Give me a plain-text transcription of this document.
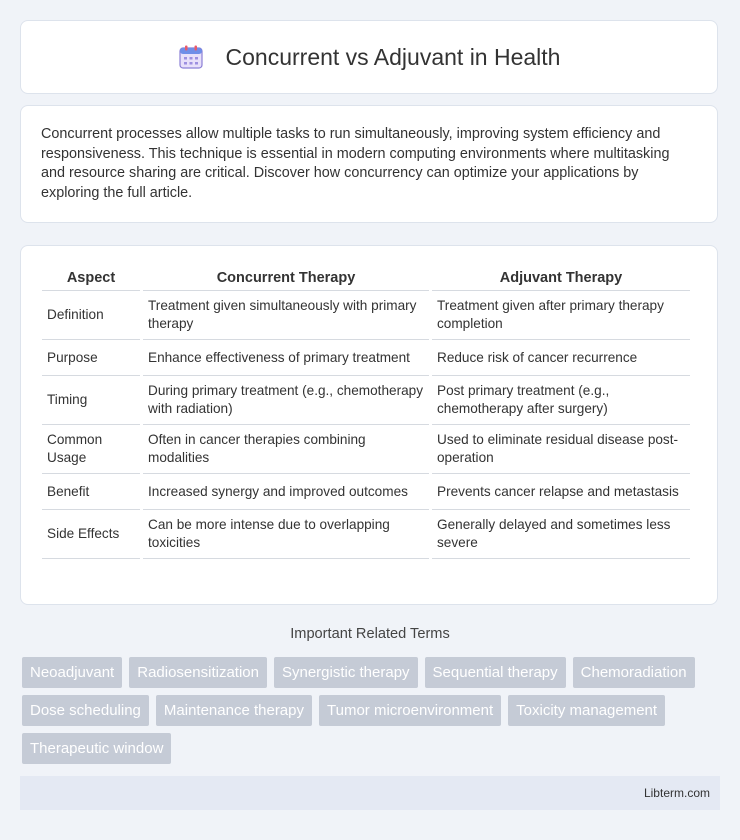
Concurrent vs Adjuvant in Health

Concurrent processes allow multiple tasks to run simultaneously, improving system efficiency and responsiveness. This technique is essential in modern computing environments where multitasking and resource sharing are critical. Discover how concurrency can optimize your applications by exploring the full article.

Aspect	Concurrent Therapy	Adjuvant Therapy
Definition	Treatment given simultaneously with primary therapy	Treatment given after primary therapy completion
Purpose	Enhance effectiveness of primary treatment	Reduce risk of cancer recurrence
Timing	During primary treatment (e.g., chemotherapy with radiation)	Post primary treatment (e.g., chemotherapy after surgery)
Common Usage	Often in cancer therapies combining modalities	Used to eliminate residual disease post-operation
Benefit	Increased synergy and improved outcomes	Prevents cancer relapse and metastasis
Side Effects	Can be more intense due to overlapping toxicities	Generally delayed and sometimes less severe
Important Related Terms
Neoadjuvant	Radiosensitization	Synergistic therapy	Sequential therapy	Chemoradiation
Dose scheduling	Maintenance therapy	Tumor microenvironment	Toxicity management
Therapeutic window
Libterm.com
